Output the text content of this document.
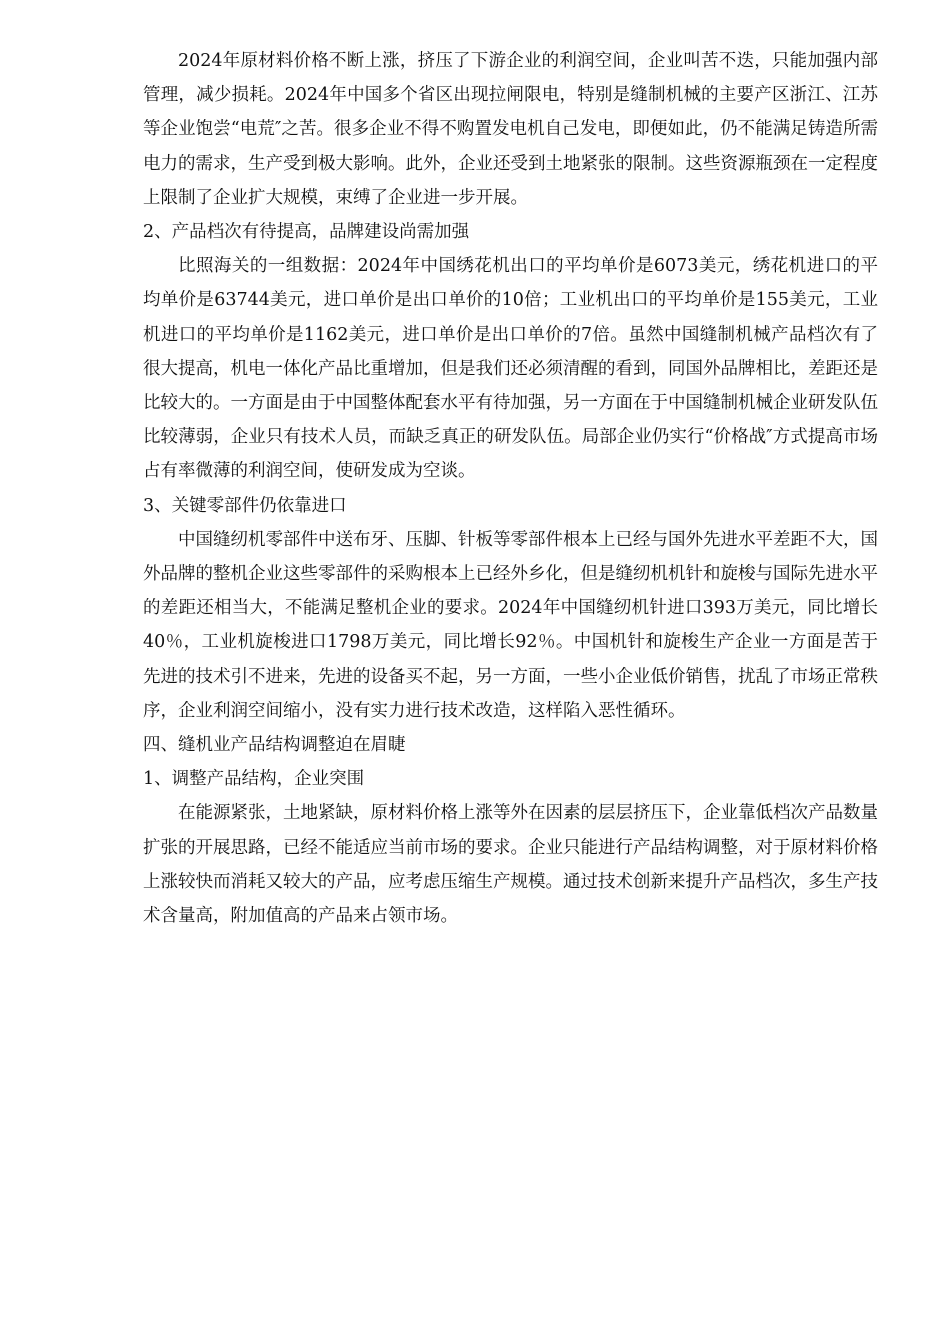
2024年原材料价格不断上涨，挤压了下游企业的利润空间，企业叫苦不迭，只能加强内部管理，减少损耗。2024年中国多个省区出现拉闸限电，特别是缝制机械的主要产区浙江、江苏等企业饱尝“电荒″之苦。很多企业不得不购置发电机自己发电，即便如此，仍不能满足铸造所需电力的需求，生产受到极大影响。此外，企业还受到土地紧张的限制。这些资源瓶颈在一定程度上限制了企业扩大规模，束缚了企业进一步开展。

2、产品档次有待提高，品牌建设尚需加强

比照海关的一组数据：2024年中国绣花机出口的平均单价是6073美元，绣花机进口的平均单价是63744美元，进口单价是出口单价的10倍；工业机出口的平均单价是155美元，工业机进口的平均单价是1162美元，进口单价是出口单价的7倍。虽然中国缝制机械产品档次有了很大提高，机电一体化产品比重增加，但是我们还必须清醒的看到，同国外品牌相比，差距还是比较大的。一方面是由于中国整体配套水平有待加强，另一方面在于中国缝制机械企业研发队伍比较薄弱，企业只有技术人员，而缺乏真正的研发队伍。局部企业仍实行“价格战″方式提高市场占有率微薄的利润空间，使研发成为空谈。

3、关键零部件仍依靠进口

中国缝纫机零部件中送布牙、压脚、针板等零部件根本上已经与国外先进水平差距不大，国外品牌的整机企业这些零部件的采购根本上已经外乡化，但是缝纫机机针和旋梭与国际先进水平的差距还相当大，不能满足整机企业的要求。2024年中国缝纫机针进口393万美元，同比增长40％，工业机旋梭进口1798万美元，同比增长92％。中国机针和旋梭生产企业一方面是苦于先进的技术引不进来，先进的设备买不起，另一方面，一些小企业低价销售，扰乱了市场正常秩序，企业利润空间缩小，没有实力进行技术改造，这样陷入恶性循环。

四、缝机业产品结构调整迫在眉睫

1、调整产品结构，企业突围

在能源紧张，土地紧缺，原材料价格上涨等外在因素的层层挤压下，企业靠低档次产品数量扩张的开展思路，已经不能适应当前市场的要求。企业只能进行产品结构调整，对于原材料价格上涨较快而消耗又较大的产品，应考虑压缩生产规模。通过技术创新来提升产品档次，多生产技术含量高，附加值高的产品来占领市场。
